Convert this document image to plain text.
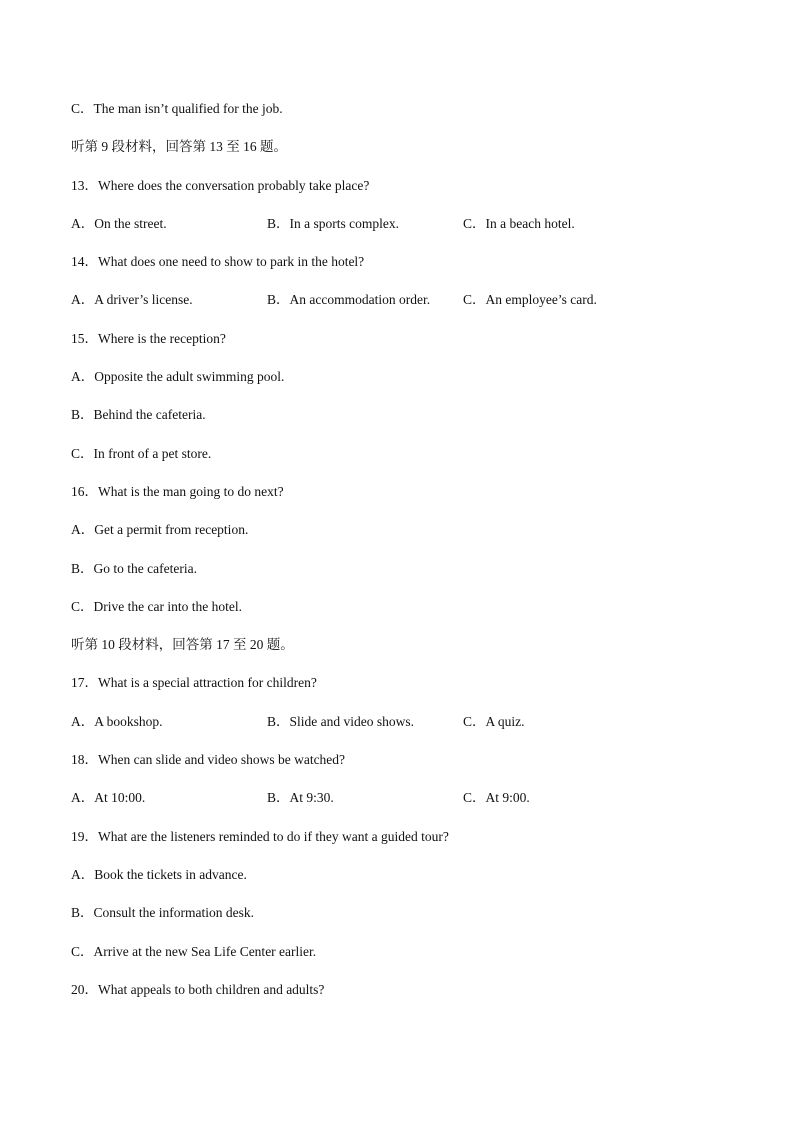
C．The man isn’t qualified for the job.
听第 9 段材料，回答第 13 至 16 题。
13．Where does the conversation probably take place?
A．On the street.	B．In a sports complex.	C．In a beach hotel.
14．What does one need to show to park in the hotel?
A．A driver’s license.	B．An accommodation order. C．An employee’s card.
15．Where is the reception?
A．Opposite the adult swimming pool.
B．Behind the cafeteria.
C．In front of a pet store.
16．What is the man going to do next?
A．Get a permit from reception.
B．Go to the cafeteria.
C．Drive the car into the hotel.
听第 10 段材料，回答第 17 至 20 题。
17．What is a special attraction for children?
A．A bookshop.	B．Slide and video shows.	C．A quiz.
18．When can slide and video shows be watched?
A．At 10:00.	B．At 9:30.	C．At 9:00.
19．What are the listeners reminded to do if they want a guided tour?
A．Book the tickets in advance.
B．Consult the information desk.
C．Arrive at the new Sea Life Center earlier.
20．What appeals to both children and adults?
